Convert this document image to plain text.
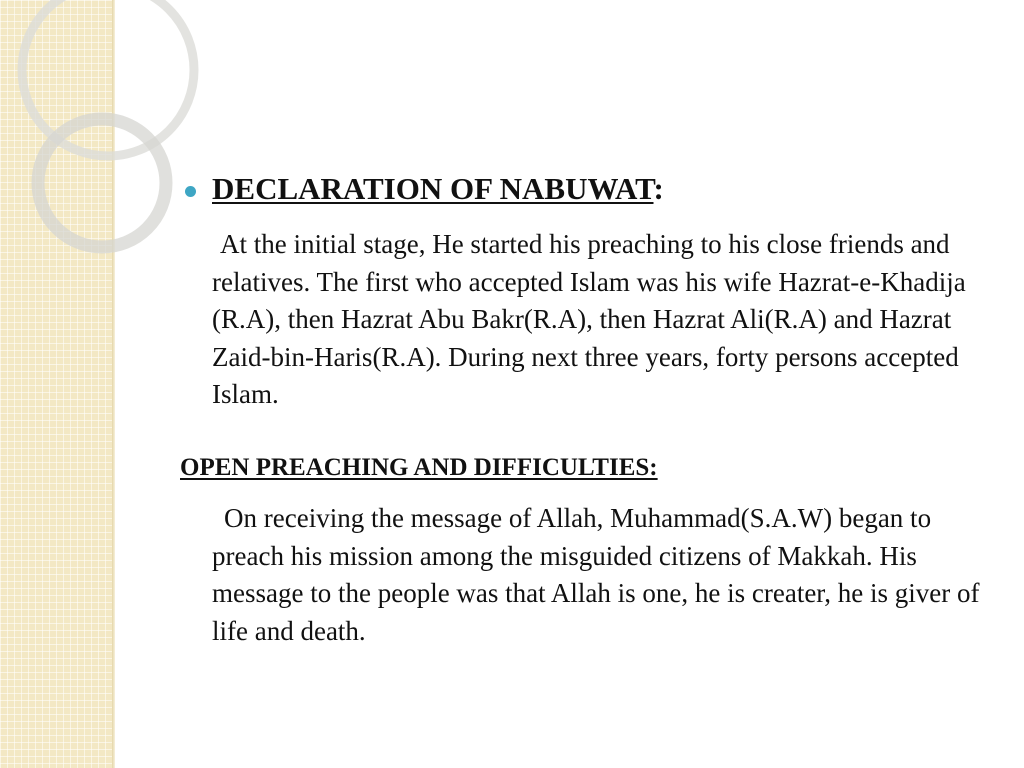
DECLARATION OF NABUWAT:
At the initial stage, He started his preaching to his close friends and relatives. The first who accepted Islam was his wife Hazrat-e-Khadija (R.A), then Hazrat Abu Bakr(R.A), then Hazrat Ali(R.A) and Hazrat Zaid-bin-Haris(R.A). During next three years, forty persons accepted Islam.
OPEN PREACHING AND DIFFICULTIES:
On receiving the message of Allah, Muhammad(S.A.W) began to preach his mission among the misguided citizens of Makkah. His message to the people was that Allah is one, he is creater, he is giver of life and death.
